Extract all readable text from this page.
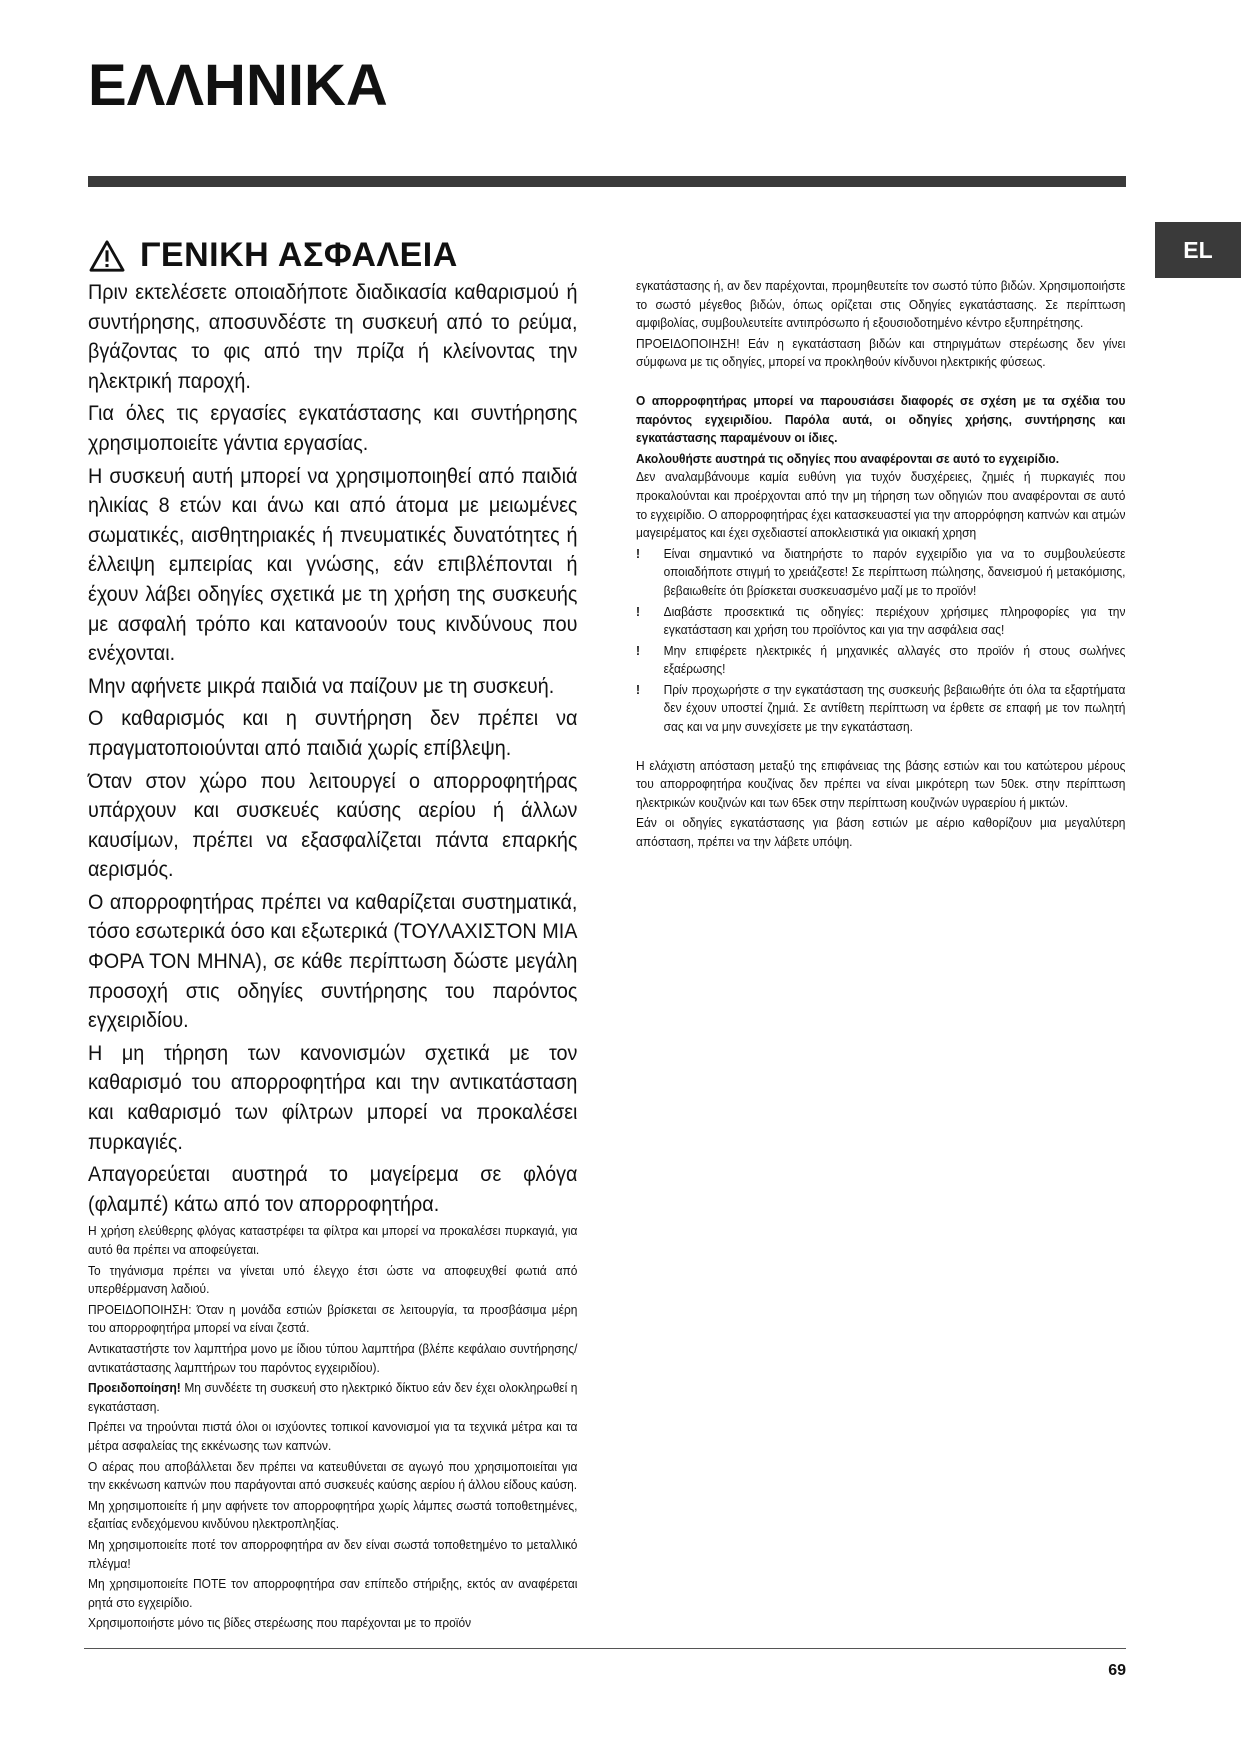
ΕΛΛΗΝΙΚΑ
EL
ΓΕΝΙΚΗ ΑΣΦΑΛΕΙΑ

Πριν εκτελέσετε οποιαδήποτε διαδικασία καθαρισμού ή συντήρησης, αποσυνδέστε τη συσκευή από το ρεύμα, βγάζοντας το φις από την πρίζα ή κλείνοντας την ηλεκτρική παροχή.

Για όλες τις εργασίες εγκατάστασης και συντήρησης χρησιμοποιείτε γάντια εργασίας.

Η συσκευή αυτή μπορεί να χρησιμοποιηθεί από παιδιά ηλικίας 8 ετών και άνω και από άτομα με μειωμένες σωματικές, αισθητηριακές ή πνευματικές δυνατότητες ή έλλειψη εμπειρίας και γνώσης, εάν επιβλέπονται ή έχουν λάβει οδηγίες σχετικά με τη χρήση της συσκευής με ασφαλή τρόπο και κατανοούν τους κινδύνους που ενέχονται.

Μην αφήνετε μικρά παιδιά να παίζουν με τη συσκευή.

Ο καθαρισμός και η συντήρηση δεν πρέπει να πραγματοποιούνται από παιδιά χωρίς επίβλεψη.

Όταν στον χώρο που λειτουργεί ο απορροφητήρας υπάρχουν και συσκευές καύσης αερίου ή άλλων καυσίμων, πρέπει να εξασφαλίζεται πάντα επαρκής αερισμός.

Ο απορροφητήρας πρέπει να καθαρίζεται συστηματικά, τόσο εσωτερικά όσο και εξωτερικά (ΤΟΥΛΑΧΙΣΤΟΝ ΜΙΑ ΦΟΡΑ ΤΟΝ ΜΗΝΑ), σε κάθε περίπτωση δώστε μεγάλη προσοχή στις οδηγίες συντήρησης του παρόντος εγχειριδίου.

Η μη τήρηση των κανονισμών σχετικά με τον καθαρισμό του απορροφητήρα και την αντικατάσταση και καθαρισμό των φίλτρων μπορεί να προκαλέσει πυρκαγιές.

Απαγορεύεται αυστηρά το μαγείρεμα σε φλόγα (φλαμπέ) κάτω από τον απορροφητήρα.

Η χρήση ελεύθερης φλόγας καταστρέφει τα φίλτρα και μπορεί να προκαλέσει πυρκαγιά, για αυτό θα πρέπει να αποφεύγεται.

Το τηγάνισμα πρέπει να γίνεται υπό έλεγχο έτσι ώστε να αποφευχθεί φωτιά από υπερθέρμανση λαδιού.

ΠΡΟΕΙΔΟΠΟΙΗΣΗ: Όταν η μονάδα εστιών βρίσκεται σε λειτουργία, τα προσβάσιμα μέρη του απορροφητήρα μπορεί να είναι ζεστά.

Αντικαταστήστε τον λαμπτήρα μονο με ίδιου τύπου λαμπτήρα (βλέπε κεφάλαιο συντήρησης/αντικατάστασης λαμπτήρων του παρόντος εγχειριδίου).

Προειδοποίηση! Μη συνδέετε τη συσκευή στο ηλεκτρικό δίκτυο εάν δεν έχει ολοκληρωθεί η εγκατάσταση.

Πρέπει να τηρούνται πιστά όλοι οι ισχύοντες τοπικοί κανονισμοί για τα τεχνικά μέτρα και τα μέτρα ασφαλείας της εκκένωσης των καπνών.

Ο αέρας που αποβάλλεται δεν πρέπει να κατευθύνεται σε αγωγό που χρησιμοποιείται για την εκκένωση καπνών που παράγονται από συσκευές καύσης αερίου ή άλλου είδους καύση.

Μη χρησιμοποιείτε ή μην αφήνετε τον απορροφητήρα χωρίς λάμπες σωστά τοποθετημένες, εξαιτίας ενδεχόμενου κινδύνου ηλεκτροπληξίας.

Μη χρησιμοποιείτε ποτέ τον απορροφητήρα αν δεν είναι σωστά τοποθετημένο το μεταλλικό πλέγμα!

Μη χρησιμοποιείτε ΠΟΤΕ τον απορροφητήρα σαν επίπεδο στήριξης, εκτός αν αναφέρεται ρητά στο εγχειρίδιο.

Χρησιμοποιήστε μόνο τις βίδες στερέωσης που παρέχονται με το προϊόν

εγκατάστασης ή, αν δεν παρέχονται, προμηθευτείτε τον σωστό τύπο βιδών. Χρησιμοποιήστε το σωστό μέγεθος βιδών, όπως ορίζεται στις Οδηγίες εγκατάστασης. Σε περίπτωση αμφιβολίας, συμβουλευτείτε αντιπρόσωπο ή εξουσιοδοτημένο κέντρο εξυπηρέτησης.

ΠΡΟΕΙΔΟΠΟΙΗΣΗ! Εάν η εγκατάσταση βιδών και στηριγμάτων στερέωσης δεν γίνει σύμφωνα με τις οδηγίες, μπορεί να προκληθούν κίνδυνοι ηλεκτρικής φύσεως.

Ο απορροφητήρας μπορεί να παρουσιάσει διαφορές σε σχέση με τα σχέδια του παρόντος εγχειριδίου. Παρόλα αυτά, οι οδηγίες χρήσης, συντήρησης και εγκατάστασης παραμένουν οι ίδιες.

Ακολουθήστε αυστηρά τις οδηγίες που αναφέρονται σε αυτό το εγχειρίδιο.

Δεν αναλαμβάνουμε καμία ευθύνη για τυχόν δυσχέρειες, ζημιές ή πυρκαγιές που προκαλούνται και προέρχονται από την μη τήρηση των οδηγιών που αναφέρονται σε αυτό το εγχειρίδιο. Ο απορροφητήρας έχει κατασκευαστεί για την απορρόφηση καπνών και ατμών μαγειρέματος και έχει σχεδιαστεί αποκλειστικά για οικιακή χρηση

!	Είναι σημαντικό να διατηρήστε το παρόν εγχειρίδιο για να το συμβουλεύεστε οποιαδήποτε στιγμή το χρειάζεστε! Σε περίπτωση πώλησης, δανεισμού ή μετακόμισης, βεβαιωθείτε ότι βρίσκεται συσκευασμένο μαζί με το προϊόν!
!	Διαβάστε προσεκτικά τις οδηγίες: περιέχουν χρήσιμες πληροφορίες για την εγκατάσταση και χρήση του προϊόντος και για την ασφάλεια σας!
!	Μην επιφέρετε ηλεκτρικές ή μηχανικές αλλαγές στο προϊόν ή στους σωλήνες εξαέρωσης!
!	Πρίν προχωρήστε σ την εγκατάσταση της συσκευής βεβαιωθήτε ότι όλα τα εξαρτήματα δεν έχουν υποστεί ζημιά. Σε αντίθετη περίπτωση να έρθετε σε επαφή με τον πωλητή σας και να μην συνεχίσετε με την εγκατάσταση.

Η ελάχιστη απόσταση μεταξύ της επιφάνειας της βάσης εστιών και του κατώτερου μέρους του απορροφητήρα κουζίνας δεν πρέπει να είναι μικρότερη των 50εκ. στην περίπτωση ηλεκτρικών κουζινών και των 65εκ στην περίπτωση κουζινών υγραερίου ή μικτών.

Εάν οι οδηγίες εγκατάστασης για βάση εστιών με αέριο καθορίζουν μια μεγαλύτερη απόσταση, πρέπει να την λάβετε υπόψη.

69
